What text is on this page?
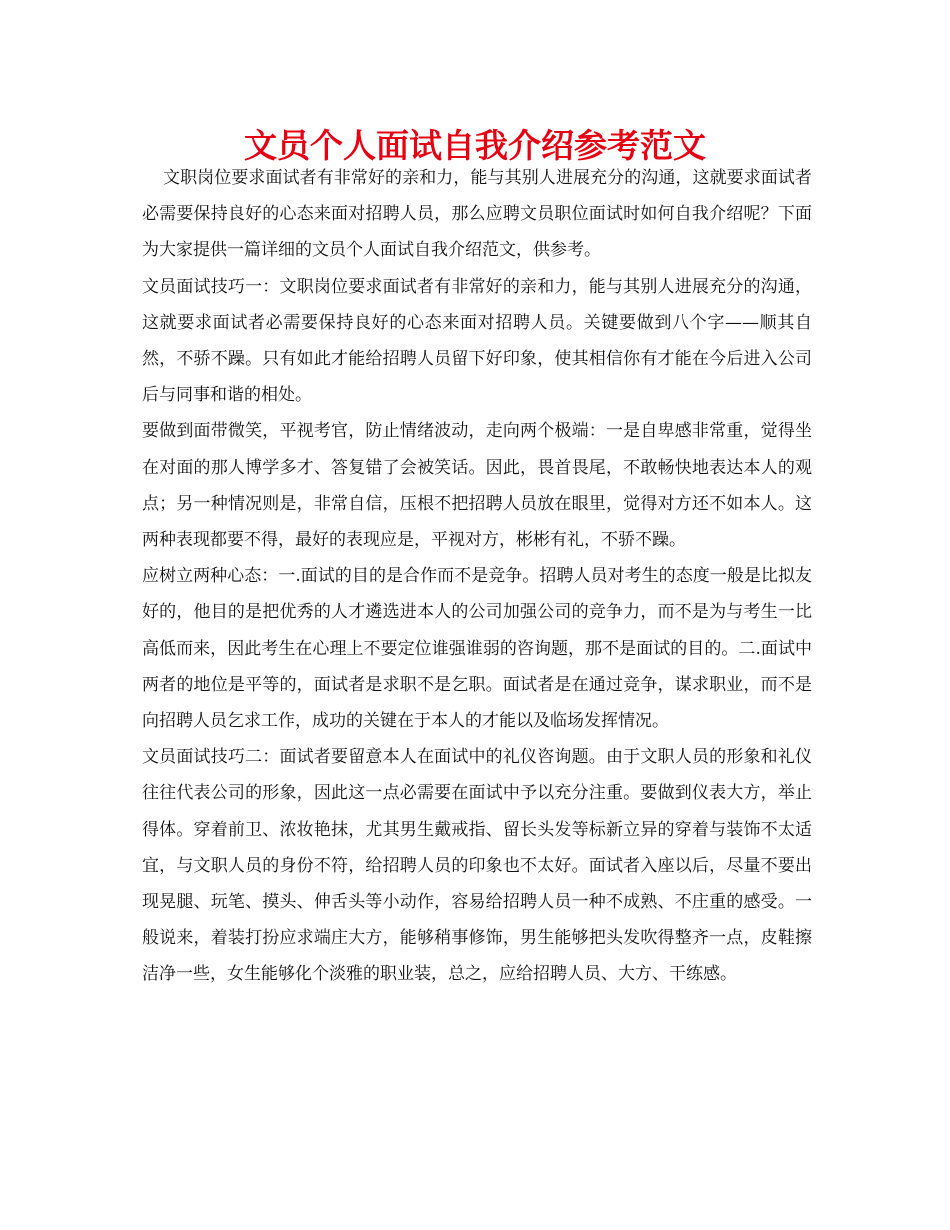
文员个人面试自我介绍参考范文

文职岗位要求面试者有非常好的亲和力，能与其别人进展充分的沟通，这就要求面试者必需要保持良好的心态来面对招聘人员，那么应聘文员职位面试时如何自我介绍呢？下面为大家提供一篇详细的文员个人面试自我介绍范文，供参考。

文员面试技巧一：文职岗位要求面试者有非常好的亲和力，能与其别人进展充分的沟通，这就要求面试者必需要保持良好的心态来面对招聘人员。关键要做到八个字——顺其自然，不骄不躁。只有如此才能给招聘人员留下好印象，使其相信你有才能在今后进入公司后与同事和谐的相处。

要做到面带微笑，平视考官，防止情绪波动，走向两个极端：一是自卑感非常重，觉得坐在对面的那人博学多才、答复错了会被笑话。因此，畏首畏尾，不敢畅快地表达本人的观点；另一种情况则是，非常自信，压根不把招聘人员放在眼里，觉得对方还不如本人。这两种表现都要不得，最好的表现应是，平视对方，彬彬有礼，不骄不躁。

应树立两种心态：一.面试的目的是合作而不是竞争。招聘人员对考生的态度一般是比拟友好的，他目的是把优秀的人才遴选进本人的公司加强公司的竞争力，而不是为与考生一比高低而来，因此考生在心理上不要定位谁强谁弱的咨询题，那不是面试的目的。二.面试中两者的地位是平等的，面试者是求职不是乞职。面试者是在通过竞争，谋求职业，而不是向招聘人员乞求工作，成功的关键在于本人的才能以及临场发挥情况。

文员面试技巧二：面试者要留意本人在面试中的礼仪咨询题。由于文职人员的形象和礼仪往往代表公司的形象，因此这一点必需要在面试中予以充分注重。要做到仪表大方，举止得体。穿着前卫、浓妆艳抹，尤其男生戴戒指、留长头发等标新立异的穿着与装饰不太适宜，与文职人员的身份不符，给招聘人员的印象也不太好。面试者入座以后，尽量不要出现晃腿、玩笔、摸头、伸舌头等小动作，容易给招聘人员一种不成熟、不庄重的感受。一般说来，着装打扮应求端庄大方，能够稍事修饰，男生能够把头发吹得整齐一点，皮鞋擦洁净一些，女生能够化个淡雅的职业装，总之，应给招聘人员、大方、干练感。
